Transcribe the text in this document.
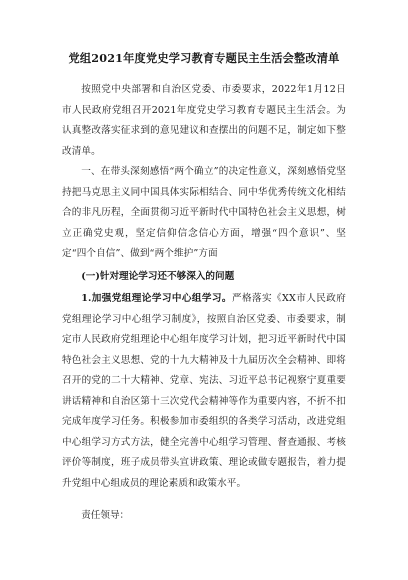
党组2021年度党史学习教育专题民主生活会整改清单

按照党中央部署和自治区党委、市委要求，2022年1月12日市人民政府党组召开2021年度党史学习教育专题民主生活会。为认真整改落实征求到的意见建议和查摆出的问题不足，制定如下整改清单。

一、在带头深刻感悟“两个确立”的决定性意义，深刻感悟党坚持把马克思主义同中国具体实际相结合、同中华优秀传统文化相结合的非凡历程，全面贯彻习近平新时代中国特色社会主义思想，树立正确党史观，坚定信仰信念信心方面，增强“四个意识”、坚定“四个自信”、做到“两个维护”方面

(一)针对理论学习还不够深入的问题

1.加强党组理论学习中心组学习。严格落实《XX市人民政府党组理论学习中心组学习制度》，按照自治区党委、市委要求，制定市人民政府党组理论中心组年度学习计划，把习近平新时代中国特色社会主义思想、党的十九大精神及十九届历次全会精神、即将召开的党的二十大精神、党章、宪法、习近平总书记视察宁夏重要讲话精神和自治区第十三次党代会精神等作为重要内容，不折不扣完成年度学习任务。积极参加市委组织的各类学习活动，改进党组中心组学习方式方法，健全完善中心组学习管理、督查通报、考核评价等制度，班子成员带头宣讲政策、理论或做专题报告，着力提升党组中心组成员的理论素质和政策水平。

责任领导：
